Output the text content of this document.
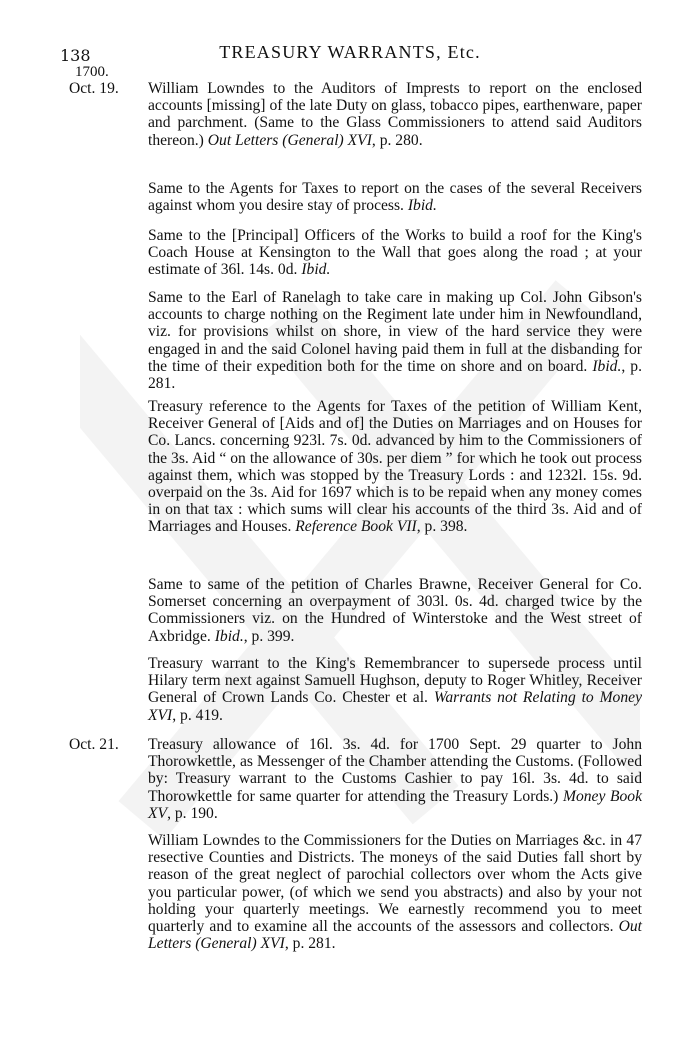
138	TREASURY WARRANTS, Etc.
1700.
Oct. 19.
Oct. 21.

William Lowndes to the Auditors of Imprests to report on the enclosed accounts [missing] of the late Duty on glass, tobacco pipes, earthenware, paper and parchment. (Same to the Glass Commissioners to attend said Auditors thereon.) Out Letters (General) XVI, p. 280.

Same to the Agents for Taxes to report on the cases of the several Receivers against whom you desire stay of process. Ibid.

Same to the [Principal] Officers of the Works to build a roof for the King's Coach House at Kensington to the Wall that goes along the road ; at your estimate of 36l. 14s. 0d. Ibid.

Same to the Earl of Ranelagh to take care in making up Col. John Gibson's accounts to charge nothing on the Regiment late under him in Newfoundland, viz. for provisions whilst on shore, in view of the hard service they were engaged in and the said Colonel having paid them in full at the disbanding for the time of their expedition both for the time on shore and on board. Ibid., p. 281.

Treasury reference to the Agents for Taxes of the petition of William Kent, Receiver General of [Aids and of] the Duties on Marriages and on Houses for Co. Lancs. concerning 923l. 7s. 0d. advanced by him to the Commissioners of the 3s. Aid “ on the allowance of 30s. per diem ” for which he took out process against them, which was stopped by the Treasury Lords : and 1232l. 15s. 9d. overpaid on the 3s. Aid for 1697 which is to be repaid when any money comes in on that tax : which sums will clear his accounts of the third 3s. Aid and of Marriages and Houses. Reference Book VII, p. 398.

Same to same of the petition of Charles Brawne, Receiver General for Co. Somerset concerning an overpayment of 303l. 0s. 4d. charged twice by the Commissioners viz. on the Hundred of Winterstoke and the West street of Axbridge. Ibid., p. 399.

Treasury warrant to the King's Remembrancer to supersede process until Hilary term next against Samuell Hughson, deputy to Roger Whitley, Receiver General of Crown Lands Co. Chester et al. Warrants not Relating to Money XVI, p. 419.

Treasury allowance of 16l. 3s. 4d. for 1700 Sept. 29 quarter to John Thorowkettle, as Messenger of the Chamber attending the Customs. (Followed by: Treasury warrant to the Customs Cashier to pay 16l. 3s. 4d. to said Thorowkettle for same quarter for attending the Treasury Lords.) Money Book XV, p. 190.

William Lowndes to the Commissioners for the Duties on Marriages &c. in 47 resective Counties and Districts. The moneys of the said Duties fall short by reason of the great neglect of parochial collectors over whom the Acts give you particular power, (of which we send you abstracts) and also by your not holding your quarterly meetings. We earnestly recommend you to meet quarterly and to examine all the accounts of the assessors and collectors. Out Letters (General) XVI, p. 281.
